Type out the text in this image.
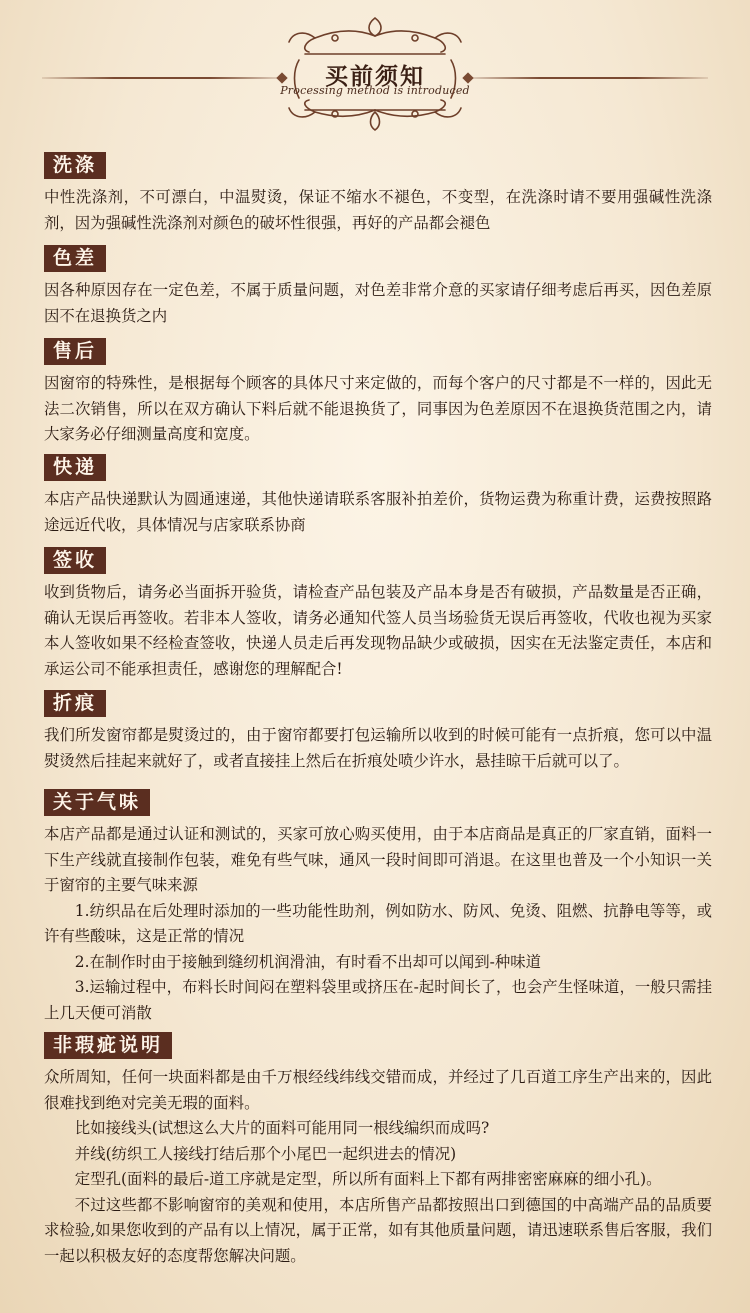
买前须知
Processing method is introduced
洗涤

中性洗涤剂，不可漂白，中温熨烫，保证不缩水不褪色，不变型，在洗涤时请不要用强碱性洗涤剂，因为强碱性洗涤剂对颜色的破坏性很强，再好的产品都会褪色

色差

因各种原因存在一定色差，不属于质量问题，对色差非常介意的买家请仔细考虑后再买，因色差原因不在退换货之内

售后

因窗帘的特殊性，是根据每个顾客的具体尺寸来定做的，而每个客户的尺寸都是不一样的，因此无法二次销售，所以在双方确认下料后就不能退换货了，同事因为色差原因不在退换货范围之内，请大家务必仔细测量高度和宽度。

快递

本店产品快递默认为圆通速递，其他快递请联系客服补拍差价，货物运费为称重计费，运费按照路途远近代收，具体情况与店家联系协商

签收

收到货物后，请务必当面拆开验货，请检查产品包装及产品本身是否有破损，产品数量是否正确，确认无误后再签收。若非本人签收，请务必通知代签人员当场验货无误后再签收，代收也视为买家本人签收如果不经检查签收，快递人员走后再发现物品缺少或破损，因实在无法鉴定责任，本店和承运公司不能承担责任，感谢您的理解配合!

折痕

我们所发窗帘都是熨烫过的，由于窗帘都要打包运输所以收到的时候可能有一点折痕，您可以中温熨烫然后挂起来就好了，或者直接挂上然后在折痕处喷少许水，悬挂晾干后就可以了。

关于气味

本店产品都是通过认证和测试的，买家可放心购买使用，由于本店商品是真正的厂家直销，面料一下生产线就直接制作包装，难免有些气味，通风一段时间即可消退。在这里也普及一个小知识一关 于窗帘的主要气味来源

1.纺织品在后处理时添加的一些功能性助剂，例如防水、防风、免烫、阻燃、抗静电等等，或许有些酸味，这是正常的情况

2.在制作时由于接触到缝纫机润滑油，有时看不出却可以闻到-种味道

3.运输过程中，布料长时间闷在塑料袋里或挤压在-起时间长了，也会产生怪味道，一般只需挂上几天便可消散

非瑕疵说明

众所周知，任何一块面料都是由千万根经线纬线交错而成，并经过了几百道工序生产出来的，因此很难找到绝对完美无瑕的面料。

比如接线头(试想这么大片的面料可能用同一根线编织而成吗?

并线(纺织工人接线打结后那个小尾巴一起织进去的情况)

定型孔(面料的最后-道工序就是定型，所以所有面料上下都有两排密密麻麻的细小孔)。

不过这些都不影响窗帘的美观和使用，本店所售产品都按照出口到德国的中高端产品的品质要求检验,如果您收到的产品有以上情况，属于正常，如有其他质量问题，请迅速联系售后客服，我们一起以积极友好的态度帮您解决问题。
